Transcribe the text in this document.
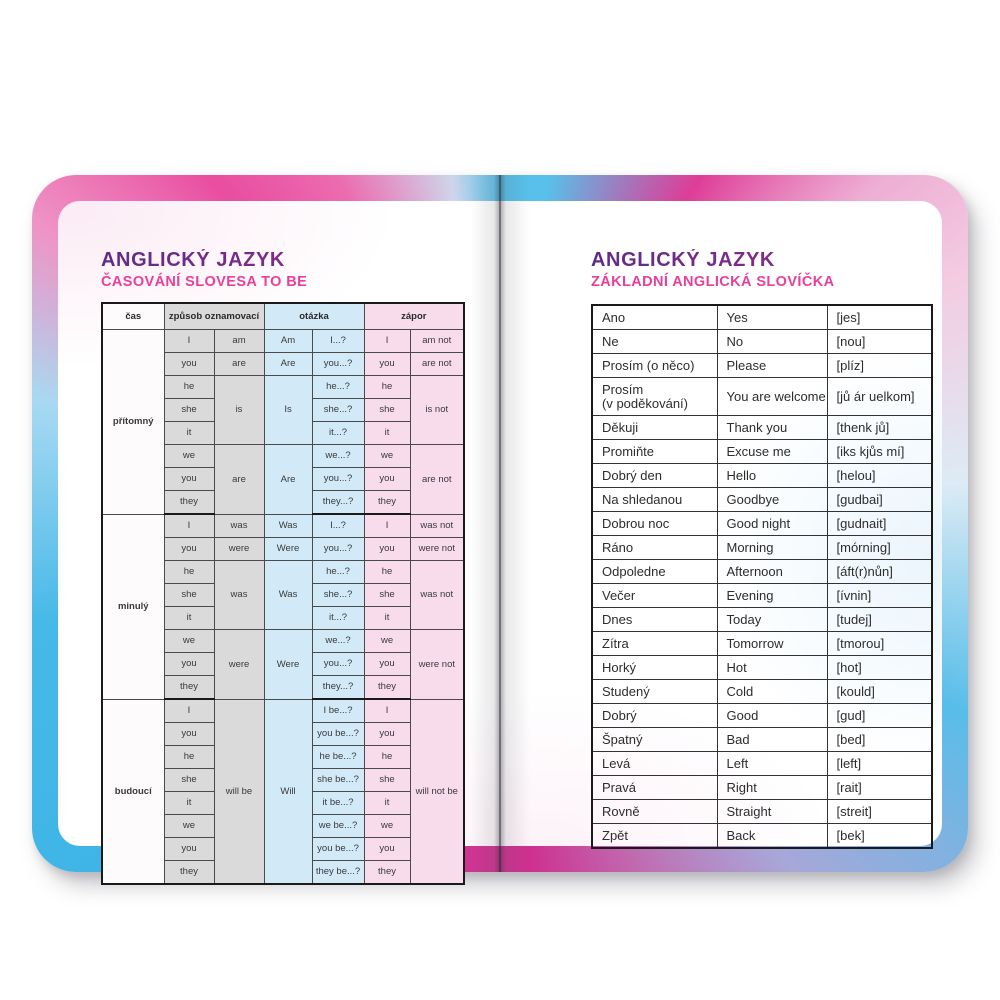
ANGLICKÝ JAZYK
ČASOVÁNÍ SLOVESA TO BE
čas	způsob oznamovací		otázka		zápor	
přítomný	I	am	Am	I...?	I	am not
	you	are	Are	you...?	you	are not
	he	is	Is	he...?	he	is not
	she			she...?	she	
	it			it...?	it	
	we	are	Are	we...?	we	are not
	you			you...?	you	
	they			they...?	they	
minulý	I	was	Was	I...?	I	was not
	you	were	Were	you...?	you	were not
	he	was	Was	he...?	he	was not
	she			she...?	she	
	it			it...?	it	
	we	were	Were	we...?	we	were not
	you			you...?	you	
	they			they...?	they	
budoucí	I	will be	Will	I be...?	I	will not be
	you			you be...?	you	
	he			he be...?	he	
	she			she be...?	she	
	it			it be...?	it	
	we			we be...?	we	
	you			you be...?	you	
	they			they be...?	they	
ANGLICKÝ JAZYK
ZÁKLADNÍ ANGLICKÁ SLOVÍČKA
Ano	Yes	[jes]
Ne	No	[nou]
Prosím (o něco)	Please	[plíz]
Prosím
(v poděkování)	You are welcome	[jů ár uelkom]
Děkuji	Thank you	[thenk jů]
Promiňte	Excuse me	[iks kjůs mí]
Dobrý den	Hello	[helou]
Na shledanou	Goodbye	[gudbai]
Dobrou noc	Good night	[gudnait]
Ráno	Morning	[mórning]
Odpoledne	Afternoon	[áft(r)nůn]
Večer	Evening	[ívnin]
Dnes	Today	[tudej]
Zítra	Tomorrow	[tmorou]
Horký	Hot	[hot]
Studený	Cold	[kould]
Dobrý	Good	[gud]
Špatný	Bad	[bed]
Levá	Left	[left]
Pravá	Right	[rait]
Rovně	Straight	[streit]
Zpět	Back	[bek]
